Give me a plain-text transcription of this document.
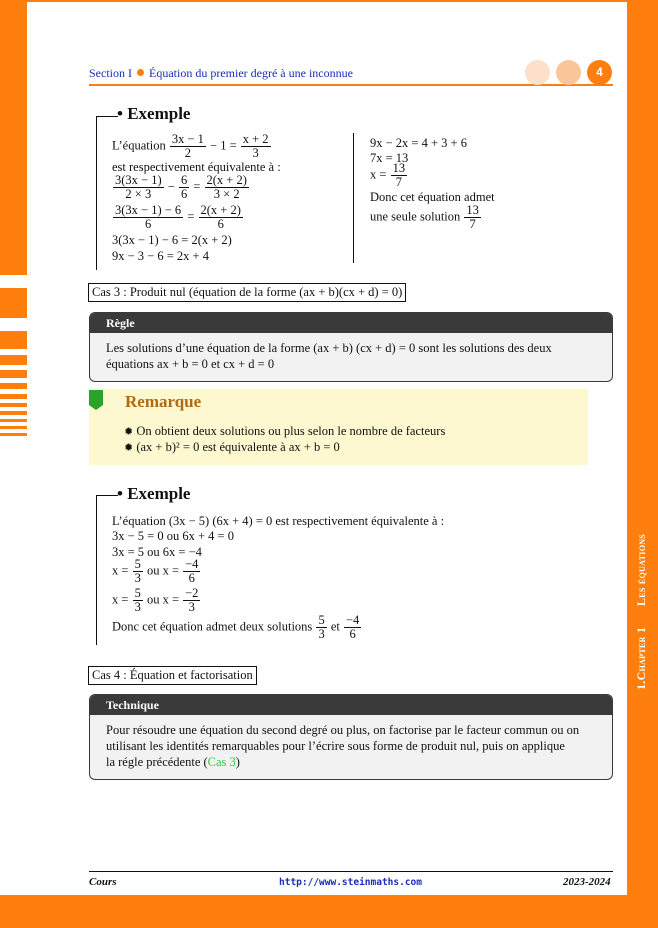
1.Chapter 1  Les équations
Section I Équation du premier degré à une inconnue	4
• Exemple
L’équation $\frac{3x - 1}{2} - 1 = \frac{x + 2}{3}$
est respectivement équivalente à :
$\frac{3(3x - 1)}{2 \times 3} - \frac{6}{6} = \frac{2(x + 2)}{3 \times 2}$
$\frac{3(3x - 1) - 6}{6} = \frac{2(x + 2)}{6}$
3(3x − 1) − 6 = 2(x + 2)
9x − 3 − 6 = 2x + 4
9x − 2x = 4 + 3 + 6
7x = 13
$x = \frac{13}{7}$
Donc cet équation admet
une seule solution $\frac{13}{7}$
Cas 3 : Produit nul (équation de la forme (ax + b)(cx + d) = 0)
Règle
Les solutions d’une équation de la forme (ax + b) (cx + d) = 0 sont les solutions des deux
équations ax + b = 0 et cx + d = 0
Remarque
✹ On obtient deux solutions ou plus selon le nombre de facteurs
✹ (ax + b)² = 0 est équivalente à ax + b = 0
• Exemple
L’équation (3x − 5) (6x + 4) = 0 est respectivement équivalente à :
3x − 5 = 0 ou 6x + 4 = 0
3x = 5 ou 6x = −4
$x = \frac{5}{3}$ ou $x = \frac{-4}{6}$
$x = \frac{5}{3}$ ou $x = \frac{-2}{3}$
Donc cet équation admet deux solutions $\frac{5}{3}$ et $\frac{-4}{6}$
Cas 4 : Équation et factorisation
Technique
Pour résoudre une équation du second degré ou plus, on factorise par le facteur commun ou on
utilisant les identités remarquables pour l’écrire sous forme de produit nul, puis on applique
la régle précédente (Cas 3)
Cours	http://www.steinmaths.com	2023-2024
